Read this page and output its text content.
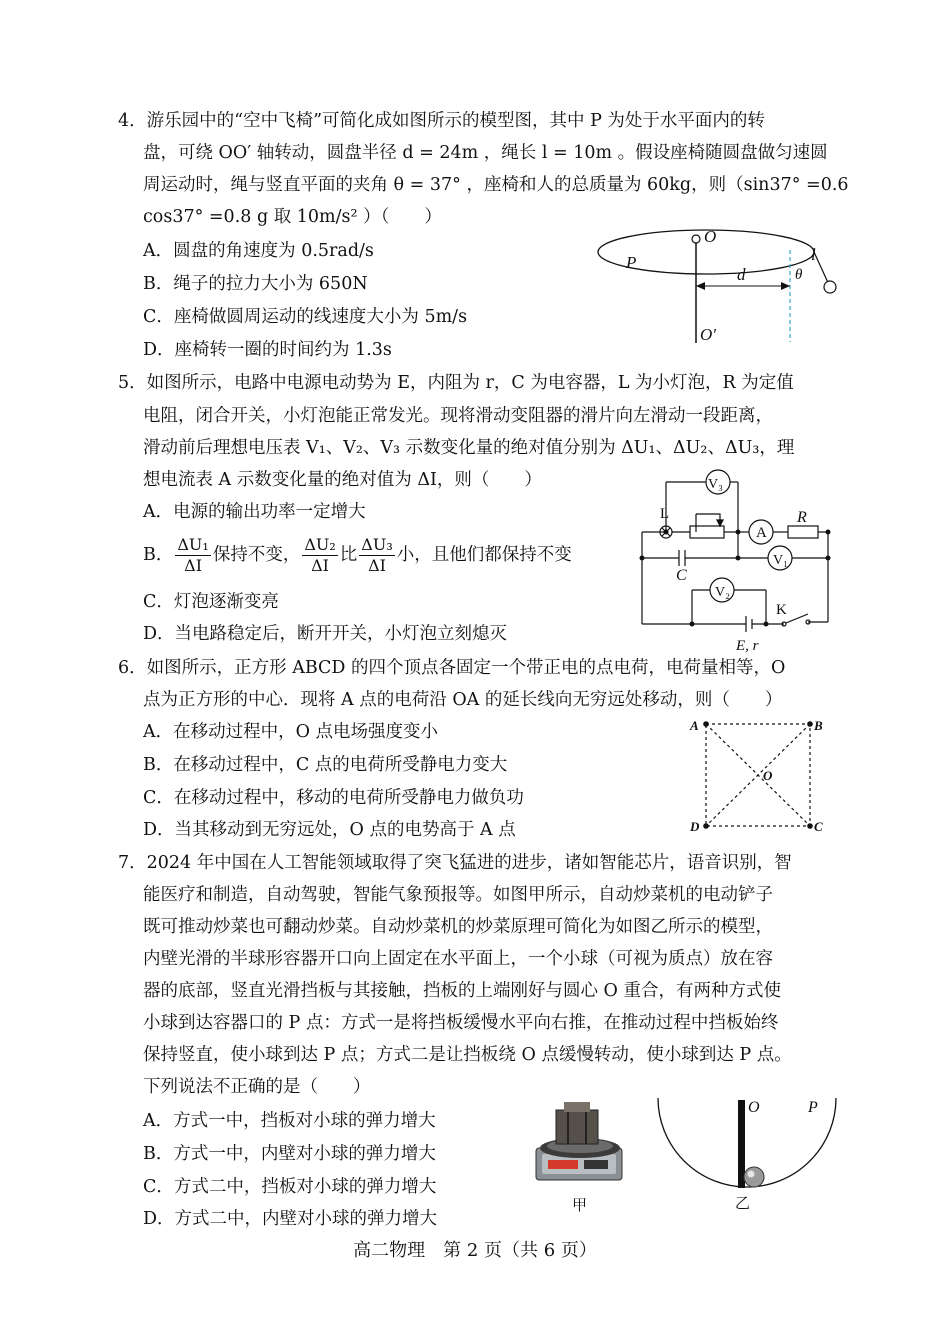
4．游乐园中的“空中飞椅”可简化成如图所示的模型图，其中 P 为处于水平面内的转
盘，可绕 OO′ 轴转动，圆盘半径 d = 24m ，绳长 l = 10m 。假设座椅随圆盘做匀速圆
周运动时，绳与竖直平面的夹角 θ = 37° ，座椅和人的总质量为 60kg，则（sin37° =0.6
cos37° =0.8 g 取 10m/s² ）（　　）
A．圆盘的角速度为 0.5rad/s
B．绳子的拉力大小为 650N
C．座椅做圆周运动的线速度大小为 5m/s
D．座椅转一圈的时间约为 1.3s
O
O′
P
d
l
θ
5．如图所示，电路中电源电动势为 E，内阻为 r，C 为电容器，L 为小灯泡，R 为定值
电阻，闭合开关，小灯泡能正常发光。现将滑动变阻器的滑片向左滑动一段距离，
滑动前后理想电压表 V₁、V₂、V₃ 示数变化量的绝对值分别为 ΔU₁、ΔU₂、ΔU₃，理
想电流表 A 示数变化量的绝对值为 ΔI，则（　　）
A．电源的输出功率一定增大
B． $\frac{\text{ΔU₁}}{\Delta I}$ 保持不变， $\frac{\text{ΔU₂}}{\Delta I}$ 比 $\frac{\text{ΔU₃}}{\Delta I}$ 小，且他们都保持不变
C．灯泡逐渐变亮
D．当电路稳定后，断开开关，小灯泡立刻熄灭
V₃
V₁
V₂
A
R
L
C
K
E, r
6．如图所示，正方形 ABCD 的四个顶点各固定一个带正电的点电荷，电荷量相等，O
点为正方形的中心．现将 A 点的电荷沿 OA 的延长线向无穷远处移动，则（　　）
A．在移动过程中，O 点电场强度变小
B．在移动过程中，C 点的电荷所受静电力变大
C．在移动过程中，移动的电荷所受静电力做负功
D．当其移动到无穷远处，O 点的电势高于 A 点
A	B
C
D
O
7．2024 年中国在人工智能领域取得了突飞猛进的进步，诸如智能芯片，语音识别，智
能医疗和制造，自动驾驶，智能气象预报等。如图甲所示，自动炒菜机的电动铲子
既可推动炒菜也可翻动炒菜。自动炒菜机的炒菜原理可简化为如图乙所示的模型，
内壁光滑的半球形容器开口向上固定在水平面上，一个小球（可视为质点）放在容
器的底部，竖直光滑挡板与其接触，挡板的上端刚好与圆心 O 重合，有两种方式使
小球到达容器口的 P 点：方式一是将挡板缓慢水平向右推，在推动过程中挡板始终
保持竖直，使小球到达 P 点；方式二是让挡板绕 O 点缓慢转动，使小球到达 P 点。
下列说法不正确的是（　　）
A．方式一中，挡板对小球的弹力增大
B．方式一中，内壁对小球的弹力增大
C．方式二中，挡板对小球的弹力增大
D．方式二中，内壁对小球的弹力增大
甲
O	P
乙
高二物理　第 2 页（共 6 页）
